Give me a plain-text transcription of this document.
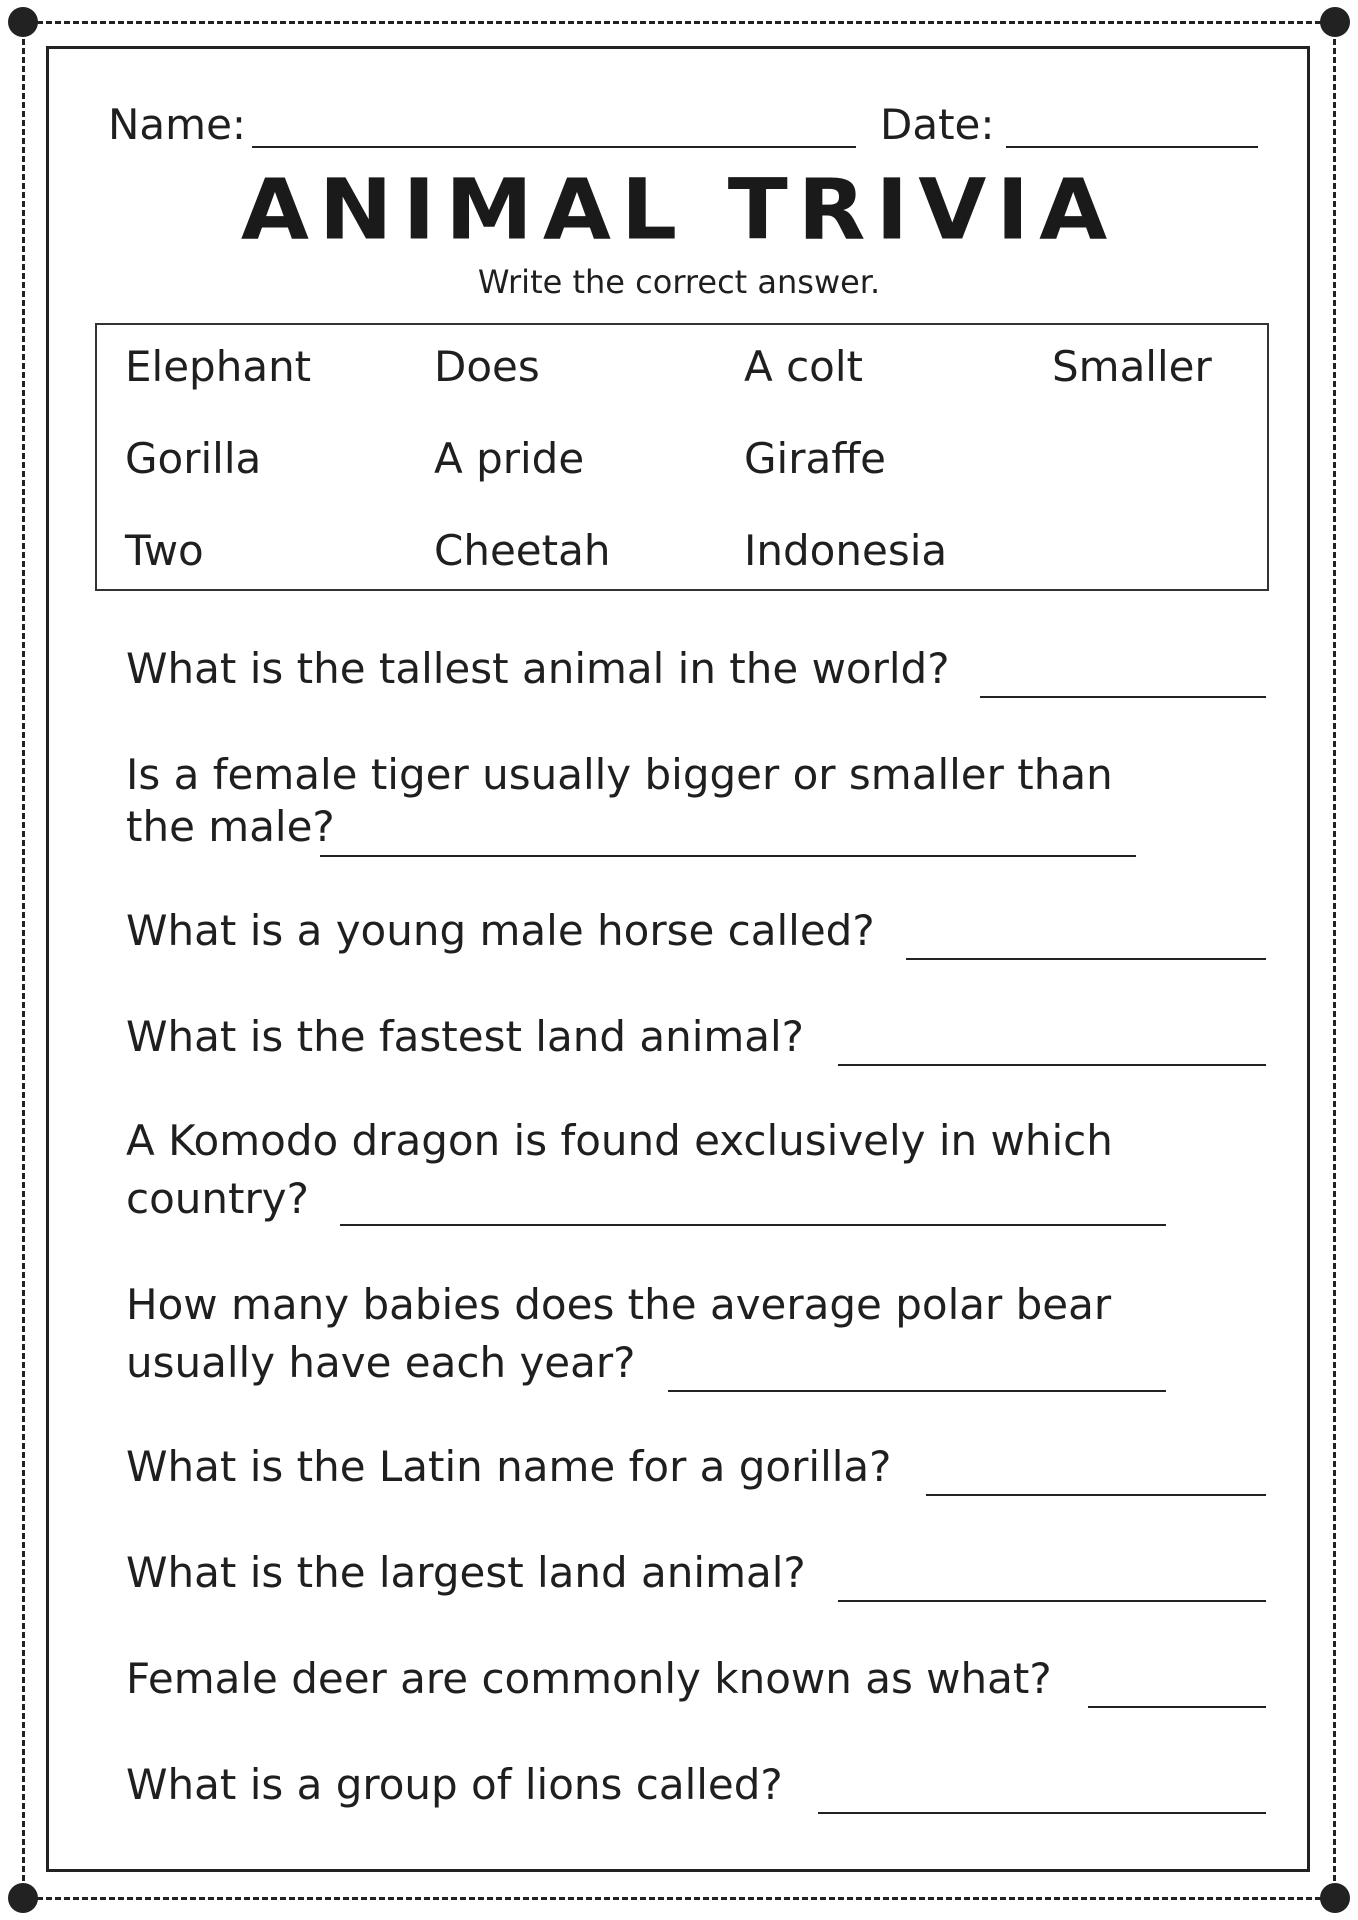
Name:	Date:
ANIMAL TRIVIA
Write the correct answer.
Elephant
Gorilla
Two
Does
A pride
Cheetah
A colt
Giraffe
Indonesia
Smaller
What is the tallest animal in the world?
Is a female tiger usually bigger or smaller than
the male?
What is a young male horse called?
What is the fastest land animal?
A Komodo dragon is found exclusively in which
country?
How many babies does the average polar bear
usually have each year?
What is the Latin name for a gorilla?
What is the largest land animal?
Female deer are commonly known as what?
What is a group of lions called?
